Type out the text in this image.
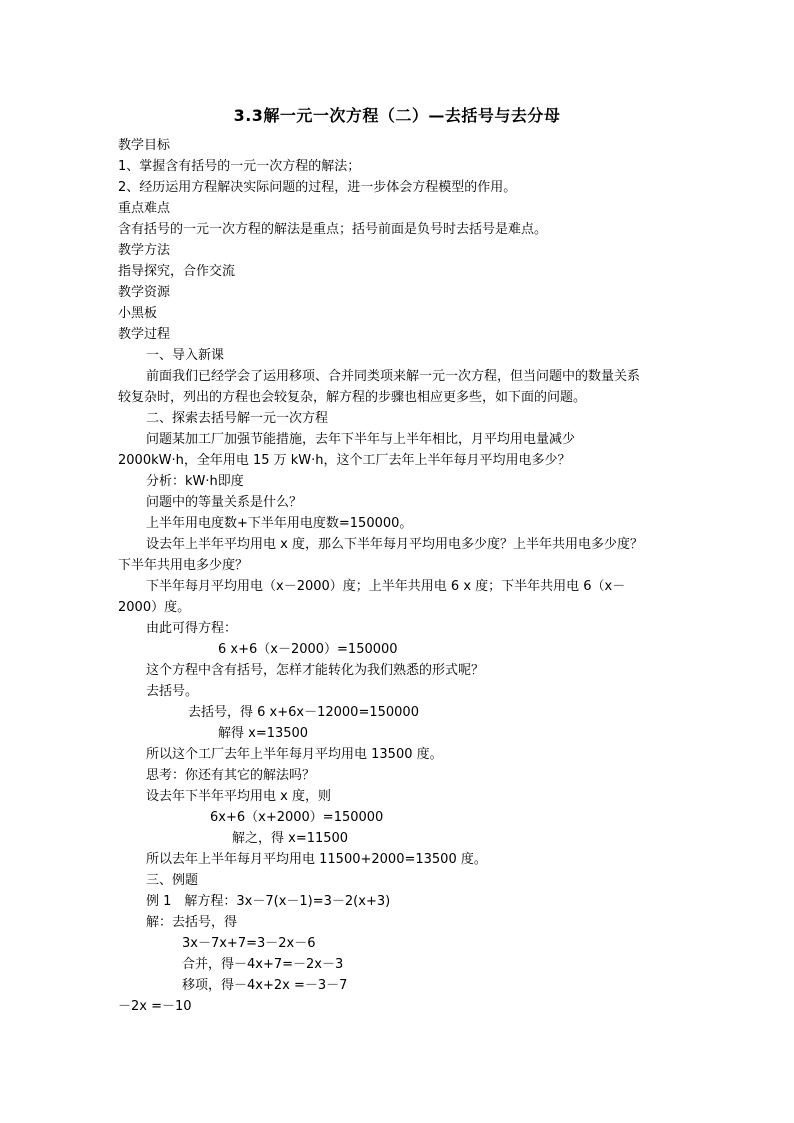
3.3解一元一次方程（二）—去括号与去分母
教学目标
1、掌握含有括号的一元一次方程的解法；
2、经历运用方程解决实际问题的过程，进一步体会方程模型的作用。
重点难点
含有括号的一元一次方程的解法是重点；括号前面是负号时去括号是难点。
教学方法
指导探究，合作交流
教学资源
小黑板
教学过程
一、导入新课
前面我们已经学会了运用移项、合并同类项来解一元一次方程，但当问题中的数量关系
较复杂时，列出的方程也会较复杂，解方程的步骤也相应更多些，如下面的问题。
二、探索去括号解一元一次方程
问题某加工厂加强节能措施，去年下半年与上半年相比，月平均用电量减少
2000kW·h，全年用电 15 万 kW·h，这个工厂去年上半年每月平均用电多少？
分析：kW·h即度
问题中的等量关系是什么？
上半年用电度数+下半年用电度数=150000。
设去年上半年平均用电 x 度，那么下半年每月平均用电多少度？上半年共用电多少度？
下半年共用电多少度？
下半年每月平均用电（x－2000）度；上半年共用电 6 x 度；下半年共用电 6（x－
2000）度。
由此可得方程：
6 x+6（x－2000）=150000
这个方程中含有括号，怎样才能转化为我们熟悉的形式呢？
去括号。
去括号，得 6 x+6x－12000=150000
解得 x=13500
所以这个工厂去年上半年每月平均用电 13500 度。
思考：你还有其它的解法吗？
设去年下半年平均用电 x 度，则
6x+6（x+2000）=150000
解之，得 x=11500
所以去年上半年每月平均用电 11500+2000=13500 度。
三、例题
例 1　解方程：3x－7(x－1)=3－2(x+3)
解：去括号，得
3x－7x+7=3－2x－6
合并，得－4x+7=－2x－3
移项，得－4x+2x =－3－7
－2x =－10
